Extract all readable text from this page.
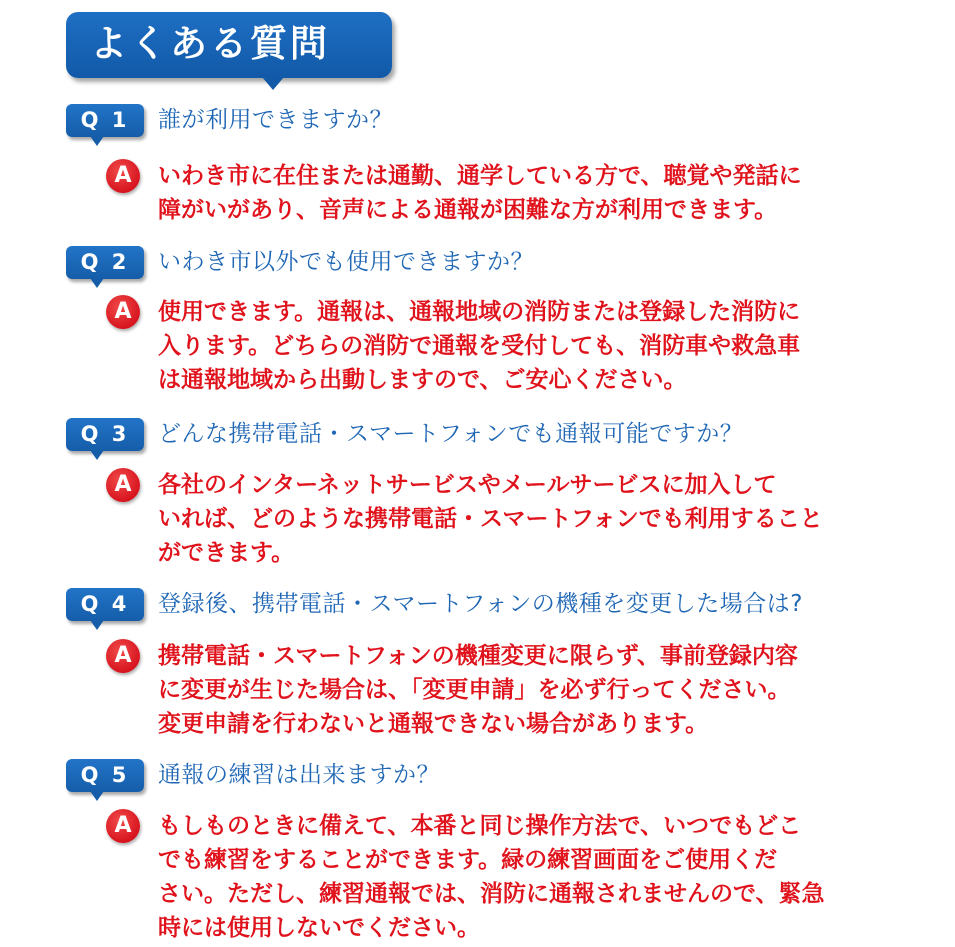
よくある質問
Q 1	誰が利用できますか？
A	いわき市に在住または通勤、通学している方で、聴覚や発話に
障がいがあり、音声による通報が困難な方が利用できます。
Q 2	いわき市以外でも使用できますか？
A	使用できます。通報は、通報地域の消防または登録した消防に
入ります。どちらの消防で通報を受付しても、消防車や救急車
は通報地域から出動しますので、ご安心ください。
Q 3	どんな携帯電話・スマートフォンでも通報可能ですか？
A	各社のインターネットサービスやメールサービスに加入して
いれば、どのような携帯電話・スマートフォンでも利用すること
ができます。
Q 4	登録後、携帯電話・スマートフォンの機種を変更した場合は?
A	携帯電話・スマートフォンの機種変更に限らず、事前登録内容
に変更が生じた場合は、「変更申請」を必ず行ってください。
変更申請を行わないと通報できない場合があります。
Q 5	通報の練習は出来ますか？
A	もしものときに備えて、本番と同じ操作方法で、いつでもどこ
でも練習をすることができます。緑の練習画面をご使用くだ
さい。ただし、練習通報では、消防に通報されませんので、緊急
時には使用しないでください。
